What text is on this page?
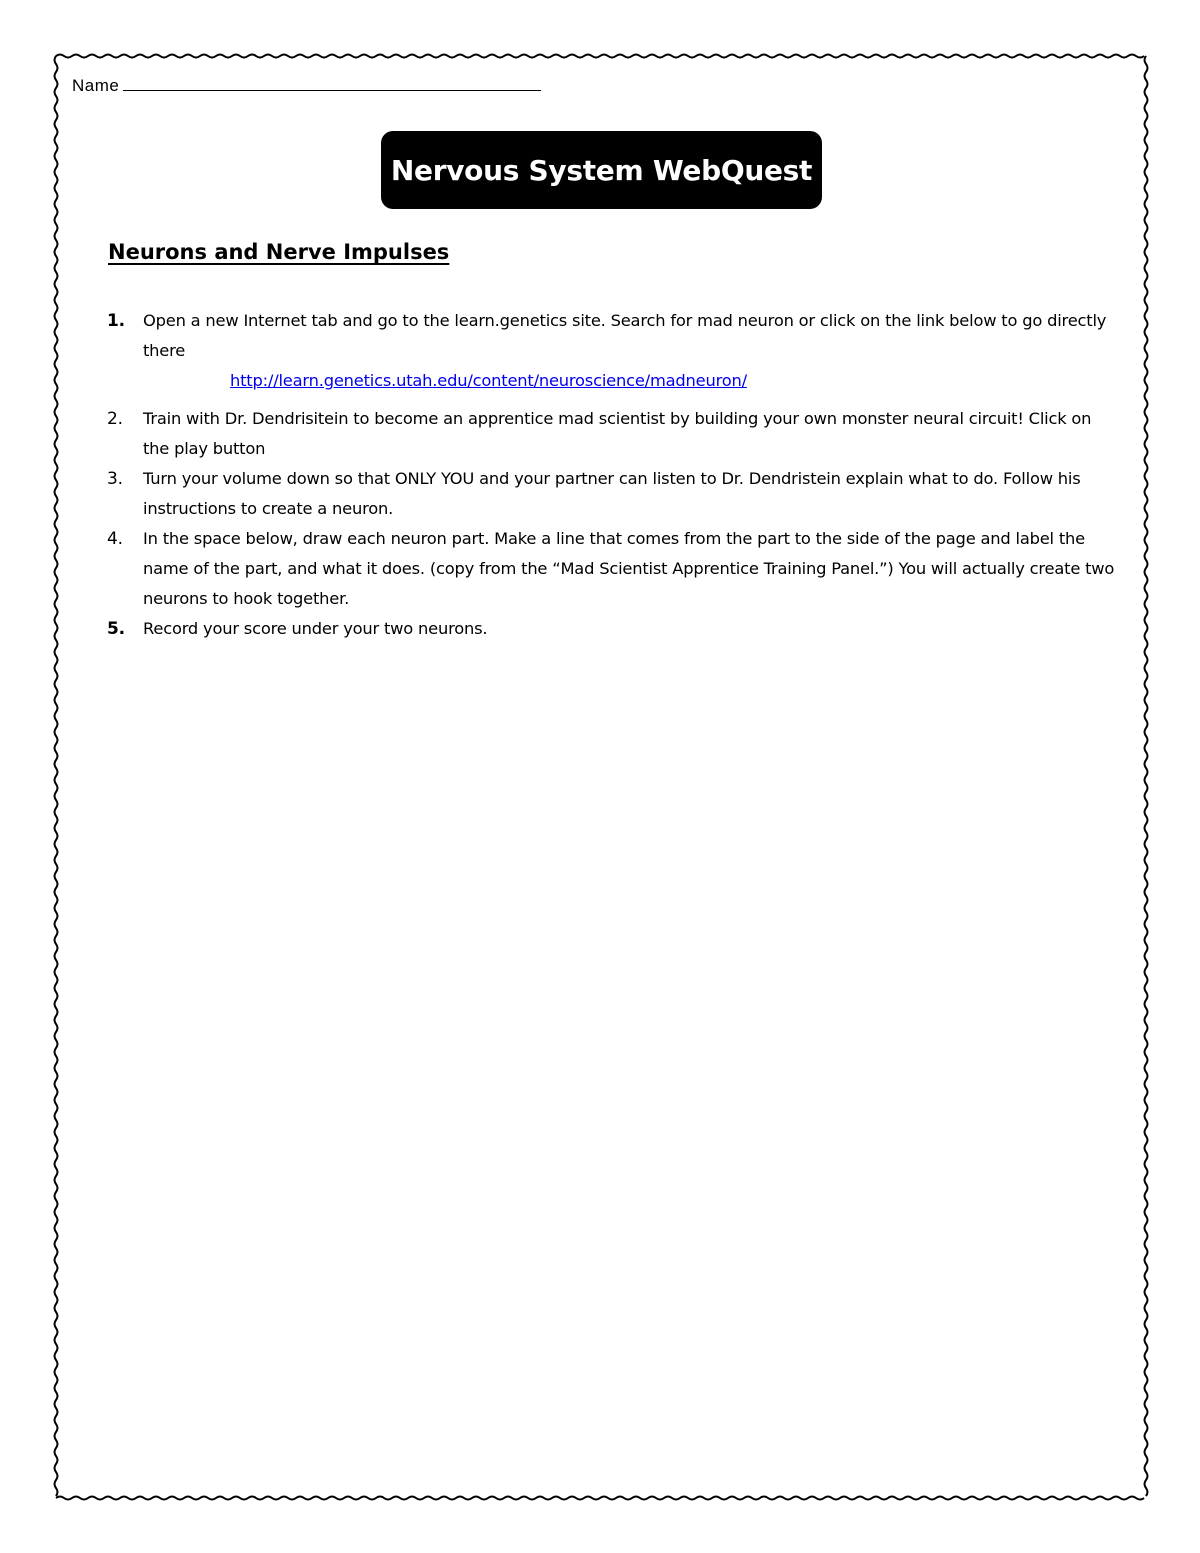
Name
Nervous System WebQuest
Neurons and Nerve Impulses
1.	Open a new Internet tab and go to the learn.genetics site. Search for mad neuron or click on the link below to go directly there
http://learn.genetics.utah.edu/content/neuroscience/madneuron/
2.	Train with Dr. Dendrisitein to become an apprentice mad scientist by building your own monster neural circuit! Click on the play button
3.	Turn your volume down so that ONLY YOU and your partner can listen to Dr. Dendristein explain what to do. Follow his instructions to create a neuron.
4.	In the space below, draw each neuron part. Make a line that comes from the part to the side of the page and label the name of the part, and what it does. (copy from the “Mad Scientist Apprentice Training Panel.”) You will actually create two neurons to hook together.
5.	Record your score under your two neurons.
